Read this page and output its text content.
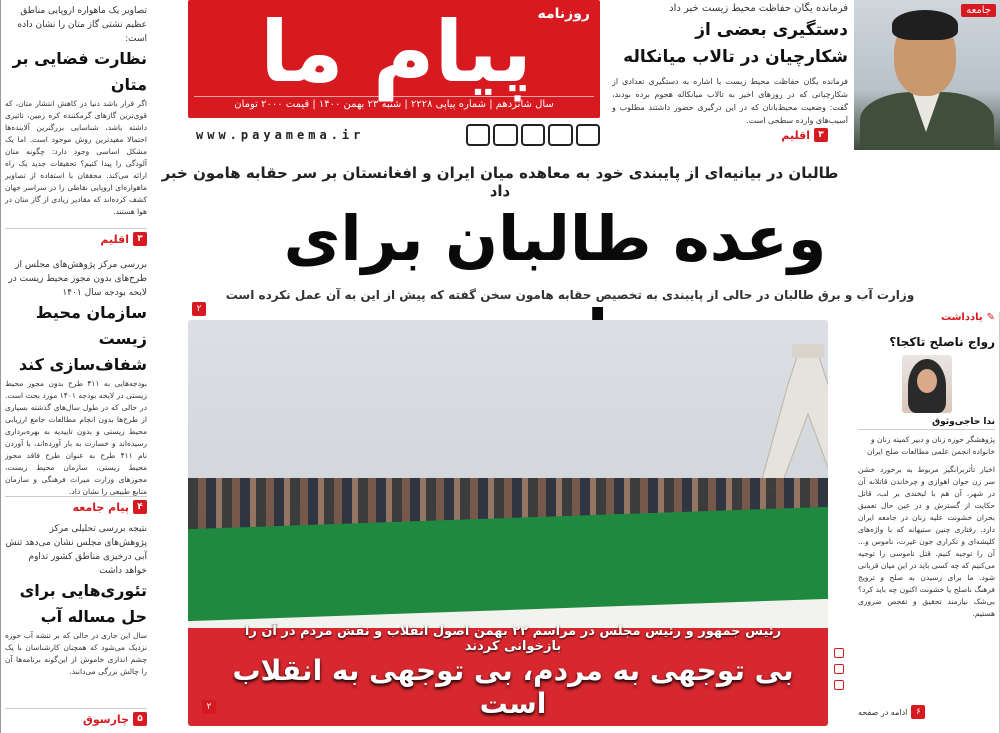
تصاویر یک ماهواره اروپایی مناطق عظیم نشتی گاز متان را نشان داده است:
نظارت فضایی بر متان
اگر قرار باشد دنیا در کاهش انتشار متان، که قوی‌ترین گازهای گرمکننده کره زمین، تاثیری داشته باشد، شناسایی بزرگترین آلاینده‌ها احتمالا مفیدترین روش موجود است. اما یک مشکل اساسی وجود دارد: چگونه متان آلودگی را پیدا کنیم؟ تحقیقات جدید یک راه ارائه می‌کند. محققان با استفاده از تصاویر ماهواره‌ای اروپایی نقاطی را در سراسر جهان کشف کرده‌اند که مقادیر زیادی از گاز متان در هوا هستند.
۳
اقلیم
بررسی مرکز پژوهش‌های مجلس از طرح‌های بدون مجوز محیط زیست در لایحه بودجه سال ۱۴۰۱
سازمان محیط زیست شفاف‌سازی کند
بودجه‌هایی به ۴۱۱ طرح بدون مجوز محیط زیستی در لایحه بودجه ۱۴۰۱ مورد بحث است. در حالی که در طول سال‌های گذشته بسیاری از طرح‌ها بدون انجام مطالعات جامع ارزیابی محیط زیستی و بدون تاییدیه به بهره‌برداری رسیده‌اند و خسارت به بار آورده‌اند، با آوردن نام ۴۱۱ طرح به عنوان طرح فاقد مجوز محیط زیستی، سازمان محیط زیست، مجوزهای وزارت میراث فرهنگی و سازمان منابع طبیعی را نشان داد.
۴
پیام جامعه
نتیجه بررسی تحلیلی مرکز پژوهش‌های مجلس نشان می‌دهد تنش آبی درخیزی مناطق کشور تداوم خواهد داشت
تئوری‌هایی برای حل مساله آب
سال این جاری در حالی که بر تنشه آب حوزه نزدیک می‌شود که همچنان کارشناسان با یک چشم اندازی خاموش از این‌گونه برنامه‌ها آن را چالش بزرگی می‌دانند.
۵
چارسوق
روزنامه
پیام ما
سال شانزدهم | شماره پیاپی ۲۲۲۸ | شنبه ۲۳ بهمن ۱۴۰۰ | قیمت ۲۰۰۰ تومان
www.payamema.ir
فرمانده یگان حفاظت محیط زیست خبر داد
دستگیری بعضی از شکارچیان در تالاب میانکاله
فرمانده یگان حفاظت محیط زیست با اشاره به دستگیری تعدادی از شکارچیانی که در روزهای اخیر به تالاب میانکاله هجوم برده بودند، گفت: وضعیت محیط‌بانان که در این درگیری حضور داشتند مطلوب و آسیب‌های وارده سطحی است.
۳
اقلیم
جامعه
طالبان در بیانیه‌ای از پایبندی خود به معاهده میان ایران و افغانستان بر سر حقابه هامون خبر داد
وعده طالبان برای
وزارت آب و برق طالبان در حالی از پایبندی به تخصیص حقابه هامون سخن گفته که پیش از این به آن عمل نکرده است
۲
رئیس جمهور و رئیس مجلس در مراسم ۲۲ بهمن اصول انقلاب و نقش مردم در آن را بازخوانی کردند
بی توجهی به مردم، بی توجهی به انقلاب است
۲
✎
یادداشت
رواج ناصلح تاکجا؟
ندا حاجی‌وثوق
پژوهشگر حوزه زنان و دبیر کمیته زنان و خانواده انجمن علمی مطالعات صلح ایران
اخبار تأثربرانگیز مربوط به برخورد خشن سر زن جوان اهوازی و چرخاندن قاتلانه آن در شهر، آن هم با لبخندی بر لب، قاتل حکایت از گسترش و در عین حال تعمیق بحران خشونت علیه زنان در جامعه ایران دارد. رفتاری چنین ستیهانه که با واژه‌های کلیشه‌ای و تکراری جون غیرت، ناموس و... آن را توجیه کنیم. قتل ناموسی را توجیه می‌کنیم که چه کسی باید در این میان قربانی شود. ما برای رسیدن به صلح و ترویج فرهنگ ناصلح یا خشونت اکنون چه باید کرد؟ بی‌شک نیازمند تحقیق و تفحص ضروری هستیم.
۶
ادامه در صفحه
